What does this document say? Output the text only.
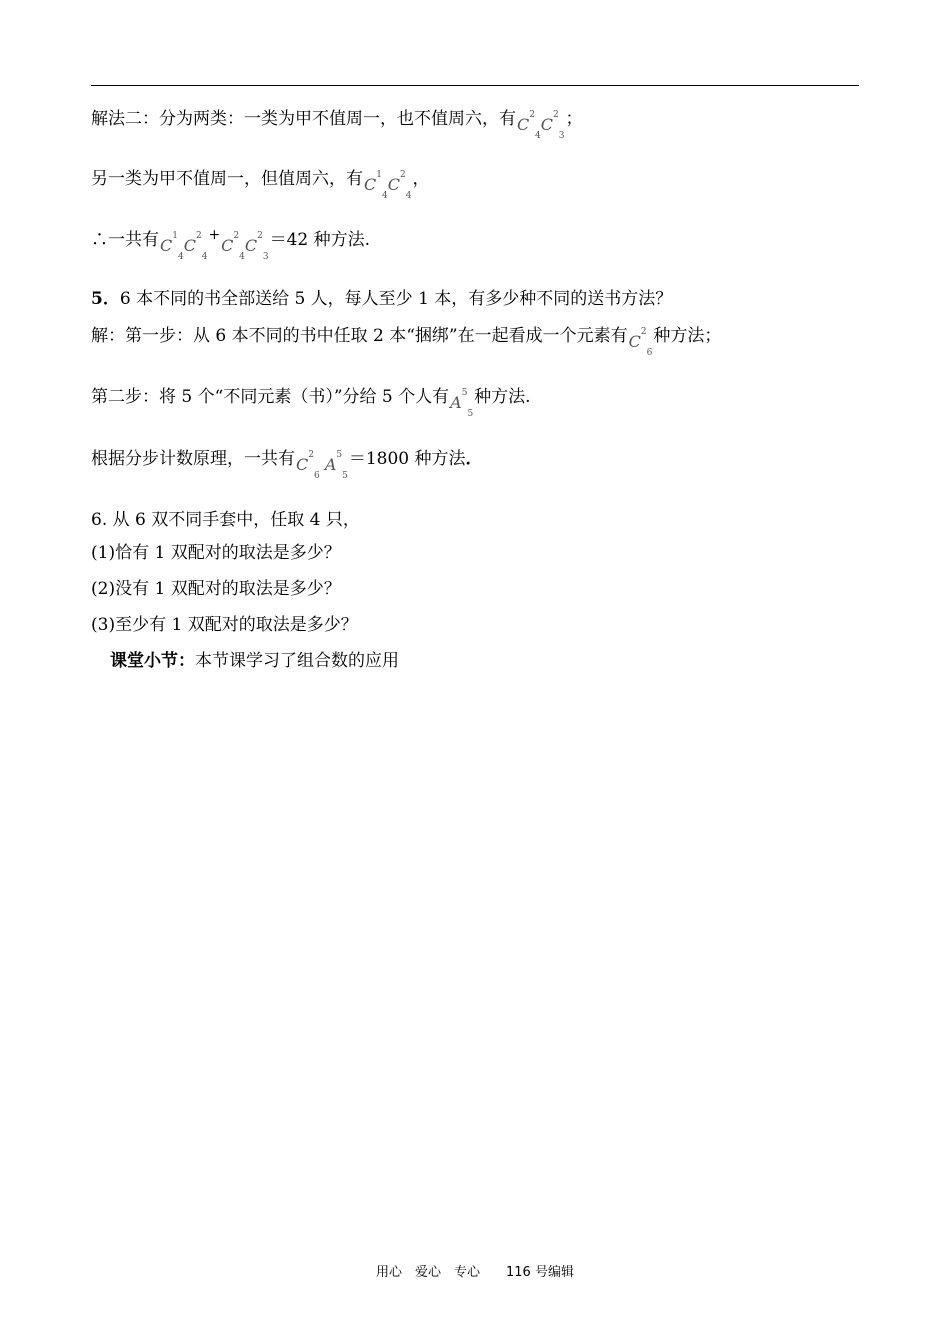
解法二：分为两类：一类为甲不值周一，也不值周六，有$C^2_4C^2_3$；
另一类为甲不值周一，但值周六，有$C^1_4C^2_4$，
∴一共有$C^1_4C^2_4^+C^2_4C^2_3=42$ 种方法.
5．6 本不同的书全部送给 5 人，每人至少 1 本，有多少种不同的送书方法？
解：第一步：从 6 本不同的书中任取 2 本“捆绑”在一起看成一个元素有$C^2_6$种方法；
第二步：将 5 个“不同元素（书）”分给 5 个人有$A^5_5$种方法.
根据分步计数原理，一共有$C^2_6$ $A^5_5=1800$ 种方法．
6. 从 6 双不同手套中，任取 4 只，
(1)恰有 1 双配对的取法是多少？
(2)没有 1 双配对的取法是多少？
(3)至少有 1 双配对的取法是多少？
课堂小节：本节课学习了组合数的应用
用心　爱心　专心　　116 号编辑
